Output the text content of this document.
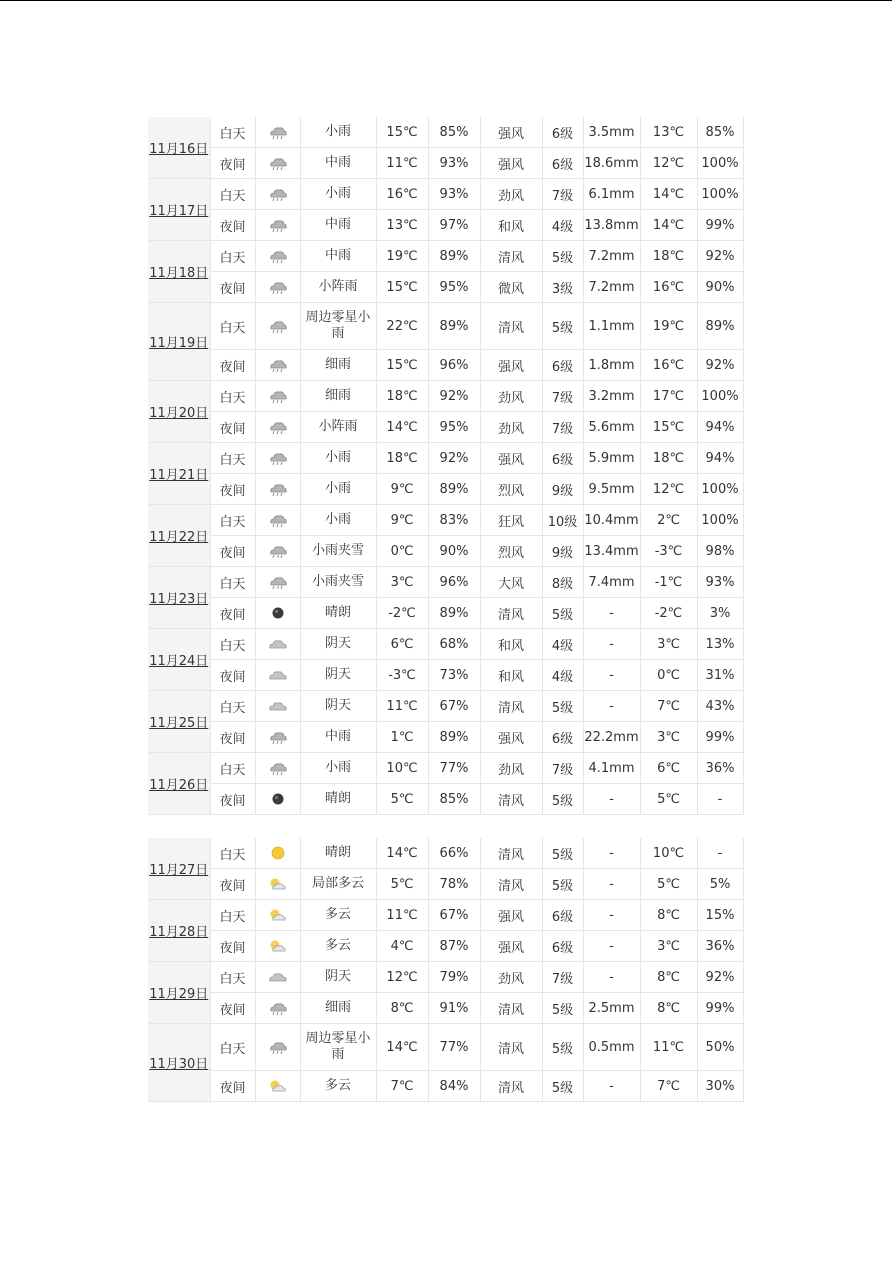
11月16日	白天		小雨	15℃	85%	强风	6级	3.5mm	13℃	85%
	夜间		中雨	11℃	93%	强风	6级	18.6mm	12℃	100%
11月17日	白天		小雨	16℃	93%	劲风	7级	6.1mm	14℃	100%
	夜间		中雨	13℃	97%	和风	4级	13.8mm	14℃	99%
11月18日	白天		中雨	19℃	89%	清风	5级	7.2mm	18℃	92%
	夜间		小阵雨	15℃	95%	微风	3级	7.2mm	16℃	90%
11月19日	白天		周边零星小雨	22℃	89%	清风	5级	1.1mm	19℃	89%
	夜间		细雨	15℃	96%	强风	6级	1.8mm	16℃	92%
11月20日	白天		细雨	18℃	92%	劲风	7级	3.2mm	17℃	100%
	夜间		小阵雨	14℃	95%	劲风	7级	5.6mm	15℃	94%
11月21日	白天		小雨	18℃	92%	强风	6级	5.9mm	18℃	94%
	夜间		小雨	9℃	89%	烈风	9级	9.5mm	12℃	100%
11月22日	白天		小雨	9℃	83%	狂风	10级	10.4mm	2℃	100%
	夜间		小雨夹雪	0℃	90%	烈风	9级	13.4mm	-3℃	98%
11月23日	白天		小雨夹雪	3℃	96%	大风	8级	7.4mm	-1℃	93%
	夜间		晴朗	-2℃	89%	清风	5级	-	-2℃	3%
11月24日	白天		阴天	6℃	68%	和风	4级	-	3℃	13%
	夜间		阴天	-3℃	73%	和风	4级	-	0℃	31%
11月25日	白天		阴天	11℃	67%	清风	5级	-	7℃	43%
	夜间		中雨	1℃	89%	强风	6级	22.2mm	3℃	99%
11月26日	白天		小雨	10℃	77%	劲风	7级	4.1mm	6℃	36%
	夜间		晴朗	5℃	85%	清风	5级	-	5℃	-
11月27日	白天		晴朗	14℃	66%	清风	5级	-	10℃	-
	夜间		局部多云	5℃	78%	清风	5级	-	5℃	5%
11月28日	白天		多云	11℃	67%	强风	6级	-	8℃	15%
	夜间		多云	4℃	87%	强风	6级	-	3℃	36%
11月29日	白天		阴天	12℃	79%	劲风	7级	-	8℃	92%
	夜间		细雨	8℃	91%	清风	5级	2.5mm	8℃	99%
11月30日	白天		周边零星小雨	14℃	77%	清风	5级	0.5mm	11℃	50%
	夜间		多云	7℃	84%	清风	5级	-	7℃	30%
